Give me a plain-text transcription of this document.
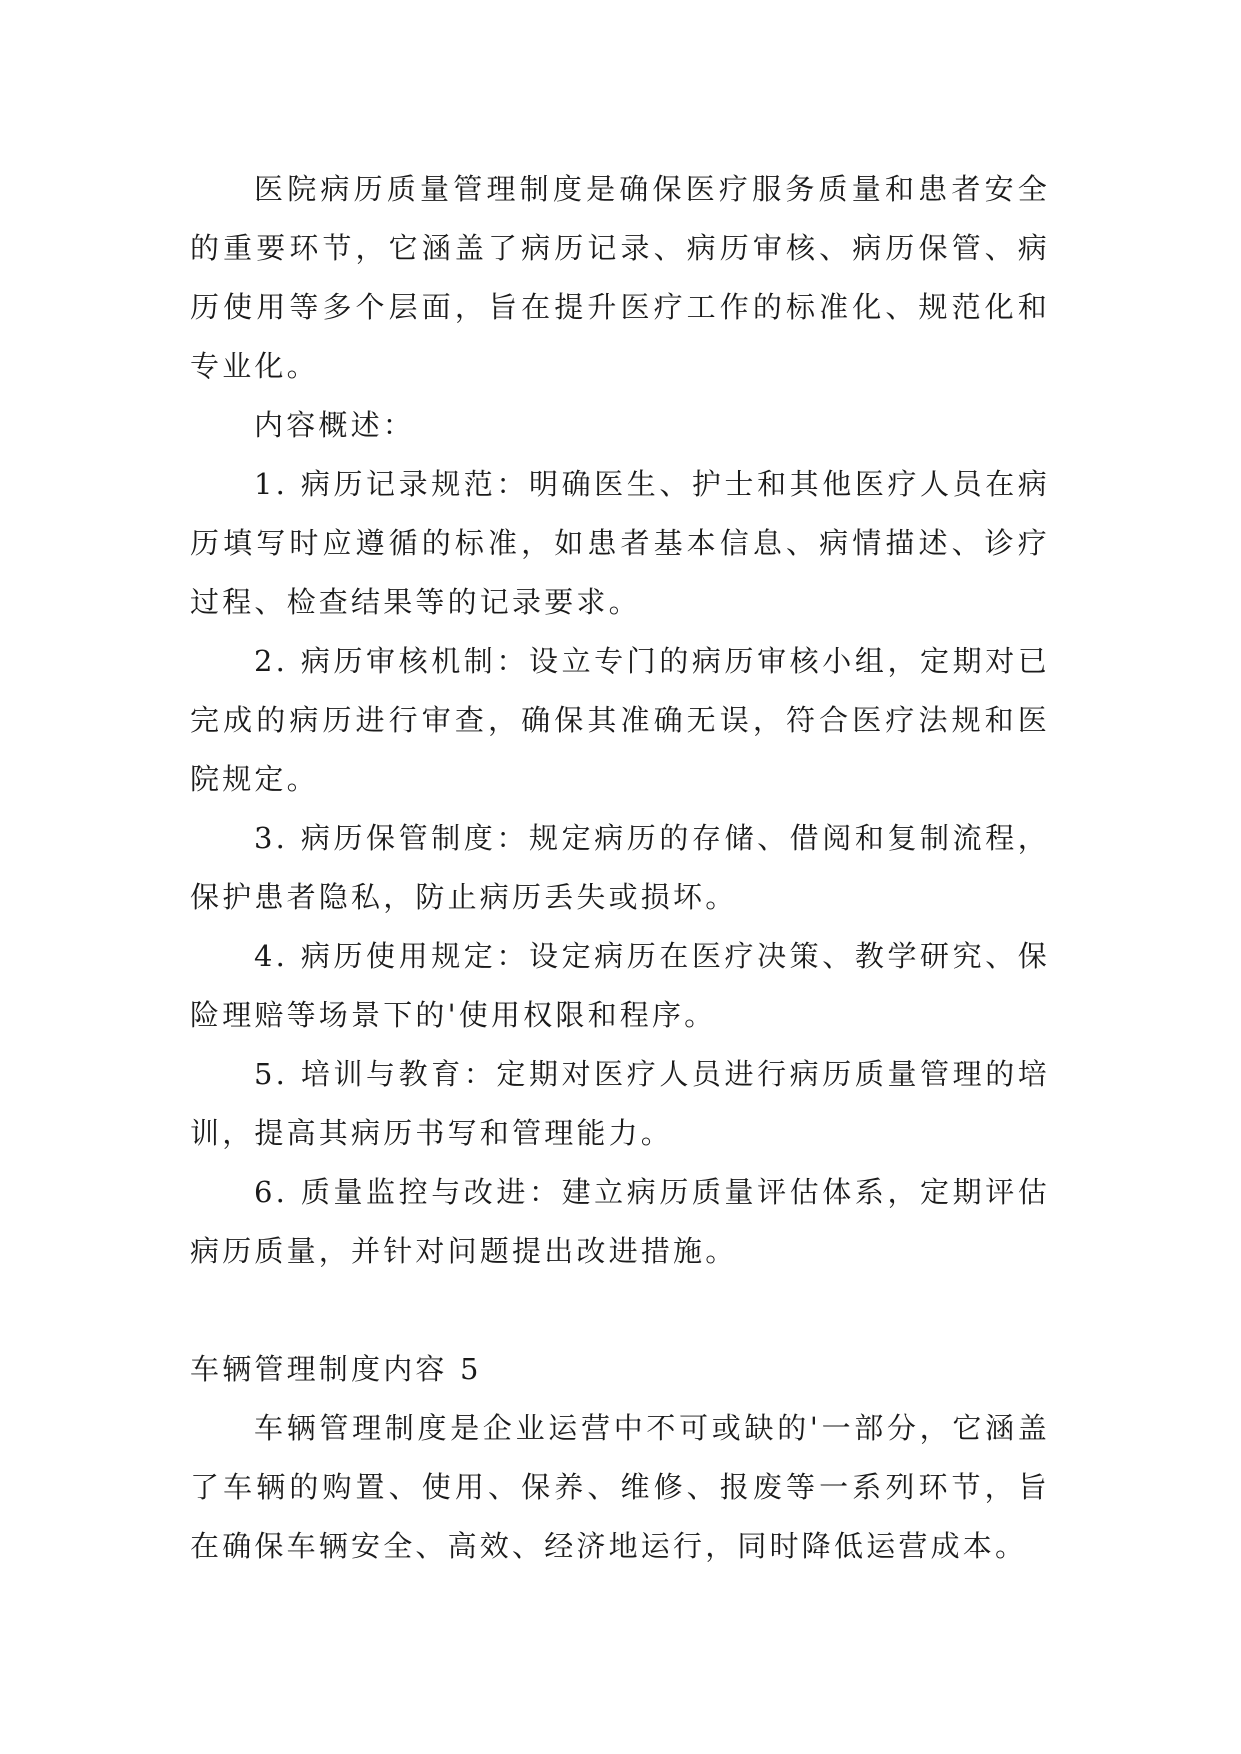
医院病历质量管理制度是确保医疗服务质量和患者安全的重要环节，它涵盖了病历记录、病历审核、病历保管、病历使用等多个层面，旨在提升医疗工作的标准化、规范化和专业化。

内容概述：

1. 病历记录规范：明确医生、护士和其他医疗人员在病历填写时应遵循的标准，如患者基本信息、病情描述、诊疗过程、检查结果等的记录要求。

2. 病历审核机制：设立专门的病历审核小组，定期对已完成的病历进行审查，确保其准确无误，符合医疗法规和医院规定。

3. 病历保管制度：规定病历的存储、借阅和复制流程，保护患者隐私，防止病历丢失或损坏。

4. 病历使用规定：设定病历在医疗决策、教学研究、保险理赔等场景下的'使用权限和程序。

5. 培训与教育：定期对医疗人员进行病历质量管理的培训，提高其病历书写和管理能力。

6. 质量监控与改进：建立病历质量评估体系，定期评估病历质量，并针对问题提出改进措施。

车辆管理制度内容 5

车辆管理制度是企业运营中不可或缺的'一部分，它涵盖了车辆的购置、使用、保养、维修、报废等一系列环节，旨在确保车辆安全、高效、经济地运行，同时降低运营成本。
